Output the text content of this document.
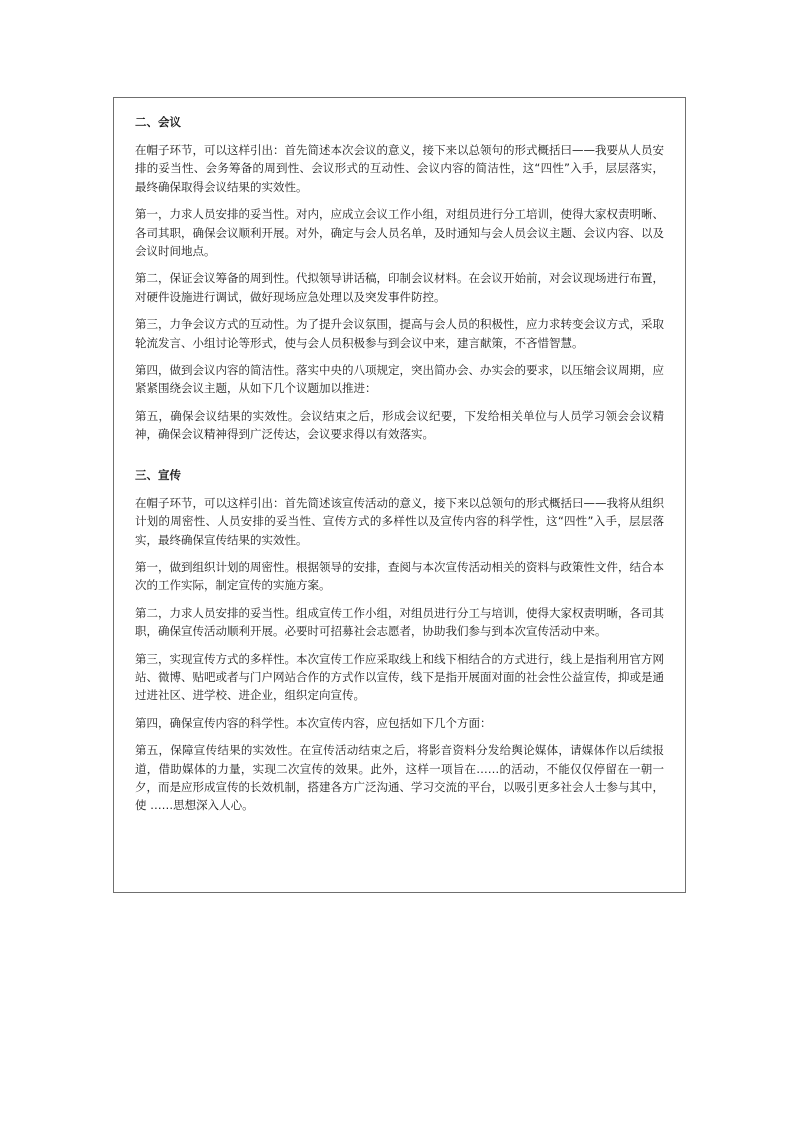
二、会议

在帽子环节，可以这样引出：首先简述本次会议的意义，接下来以总领句的形式概括曰——我要从人员安排的妥当性、会务筹备的周到性、会议形式的互动性、会议内容的简洁性，这“四性”入手，层层落实，最终确保取得会议结果的实效性。

第一，力求人员安排的妥当性。对内，应成立会议工作小组，对组员进行分工培训，使得大家权责明晰、各司其职，确保会议顺利开展。对外，确定与会人员名单，及时通知与会人员会议主题、会议内容、以及会议时间地点。

第二，保证会议筹备的周到性。代拟领导讲话稿，印制会议材料。在会议开始前，对会议现场进行布置，对硬件设施进行调试，做好现场应急处理以及突发事件防控。

第三，力争会议方式的互动性。为了提升会议氛围，提高与会人员的积极性，应力求转变会议方式，采取轮流发言、小组讨论等形式，使与会人员积极参与到会议中来，建言献策，不吝惜智慧。

第四，做到会议内容的简洁性。落实中央的八项规定，突出简办会、办实会的要求，以压缩会议周期，应紧紧围绕会议主题，从如下几个议题加以推进：

第五，确保会议结果的实效性。会议结束之后，形成会议纪要，下发给相关单位与人员学习领会会议精神，确保会议精神得到广泛传达，会议要求得以有效落实。

三、宣传

在帽子环节，可以这样引出：首先简述该宣传活动的意义，接下来以总领句的形式概括曰——我将从组织计划的周密性、人员安排的妥当性、宣传方式的多样性以及宣传内容的科学性，这“四性”入手，层层落实，最终确保宣传结果的实效性。

第一，做到组织计划的周密性。根据领导的安排，查阅与本次宣传活动相关的资料与政策性文件，结合本次的工作实际，制定宣传的实施方案。

第二，力求人员安排的妥当性。组成宣传工作小组，对组员进行分工与培训，使得大家权责明晰，各司其职，确保宣传活动顺利开展。必要时可招募社会志愿者，协助我们参与到本次宣传活动中来。

第三，实现宣传方式的多样性。本次宣传工作应采取线上和线下相结合的方式进行，线上是指利用官方网站、微博、贴吧或者与门户网站合作的方式作以宣传，线下是指开展面对面的社会性公益宣传，抑或是通过进社区、进学校、进企业，组织定向宣传。

第四，确保宣传内容的科学性。本次宣传内容，应包括如下几个方面：

第五，保障宣传结果的实效性。在宣传活动结束之后，将影音资料分发给舆论媒体，请媒体作以后续报道，借助媒体的力量，实现二次宣传的效果。此外，这样一项旨在……的活动，不能仅仅停留在一朝一夕，而是应形成宣传的长效机制，搭建各方广泛沟通、学习交流的平台，以吸引更多社会人士参与其中，使 ……思想深入人心。
